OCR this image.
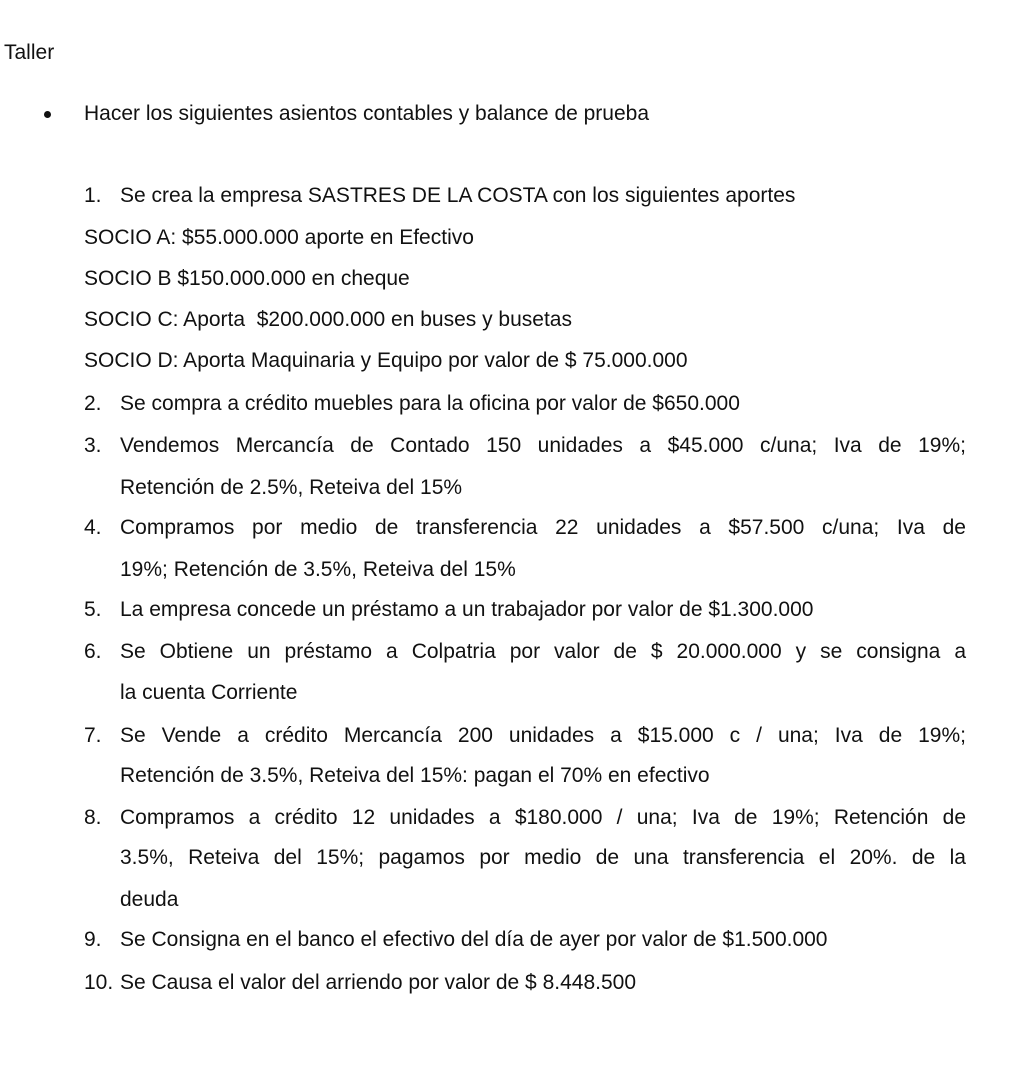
Taller
Hacer los siguientes asientos contables y balance de prueba
1. Se crea la empresa SASTRES DE LA COSTA con los siguientes aportes
SOCIO A: $55.000.000 aporte en Efectivo
SOCIO B $150.000.000 en cheque
SOCIO C: Aporta  $200.000.000 en buses y busetas
SOCIO D: Aporta Maquinaria y Equipo por valor de $ 75.000.000
2. Se compra a crédito muebles para la oficina por valor de $650.000
3. Vendemos Mercancía de Contado 150 unidades a $45.000 c/una; Iva de 19%;
Retención de 2.5%, Reteiva del 15%
4. Compramos por medio de transferencia 22 unidades a $57.500 c/una; Iva de
19%; Retención de 3.5%, Reteiva del 15%
5. La empresa concede un préstamo a un trabajador por valor de $1.300.000
6. Se Obtiene un préstamo a Colpatria por valor de $ 20.000.000 y se consigna a
la cuenta Corriente
7. Se Vende a crédito Mercancía 200 unidades a $15.000 c / una; Iva de 19%;
Retención de 3.5%, Reteiva del 15%: pagan el 70% en efectivo
8. Compramos a crédito 12 unidades a $180.000 / una; Iva de 19%; Retención de
3.5%, Reteiva del 15%; pagamos por medio de una transferencia el 20%. de la
deuda
9. Se Consigna en el banco el efectivo del día de ayer por valor de $1.500.000
10. Se Causa el valor del arriendo por valor de $ 8.448.500
